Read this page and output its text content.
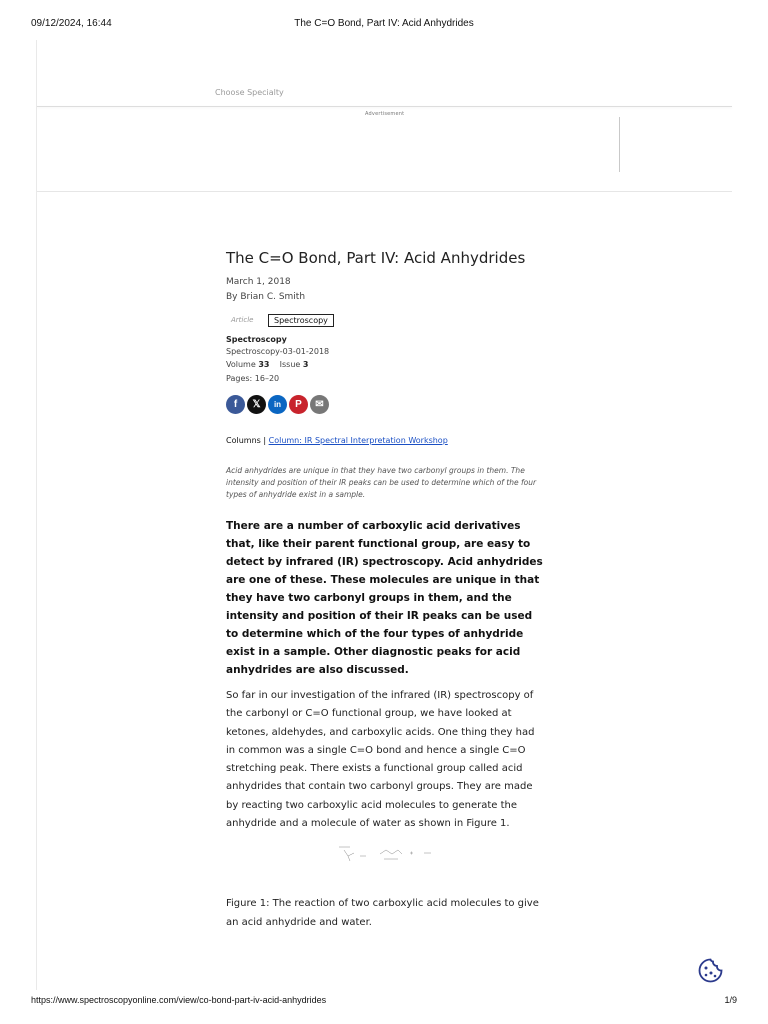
09/12/2024, 16:44	The C=O Bond, Part IV: Acid Anhydrides
Choose Specialty
Advertisement
The C=O Bond, Part IV: Acid Anhydrides
March 1, 2018
By Brian C. Smith
Article	Spectroscopy
Spectroscopy
Spectroscopy-03-01-2018
Volume 33 Issue 3
Pages: 16–20
f 𝕏 in P ✉
Columns | Column: IR Spectral Interpretation Workshop
Acid anhydrides are unique in that they have two carbonyl groups in them. The intensity and position of their IR peaks can be used to determine which of the four types of anhydride exist in a sample.
There are a number of carboxylic acid derivatives that, like their parent functional group, are easy to detect by infrared (IR) spectroscopy. Acid anhydrides are one of these. These molecules are unique in that they have two carbonyl groups in them, and the intensity and position of their IR peaks can be used to determine which of the four types of anhydride exist in a sample. Other diagnostic peaks for acid anhydrides are also discussed.
So far in our investigation of the infrared (IR) spectroscopy of the carbonyl or C=O functional group, we have looked at ketones, aldehydes, and carboxylic acids. One thing they had in common was a single C=O bond and hence a single C=O stretching peak. There exists a functional group called acid anhydrides that contain two carbonyl groups. They are made by reacting two carboxylic acid molecules to generate the anhydride and a molecule of water as shown in Figure 1.
Figure 1: The reaction of two carboxylic acid molecules to give an acid anhydride and water.
https://www.spectroscopyonline.com/view/co-bond-part-iv-acid-anhydrides	1/9
